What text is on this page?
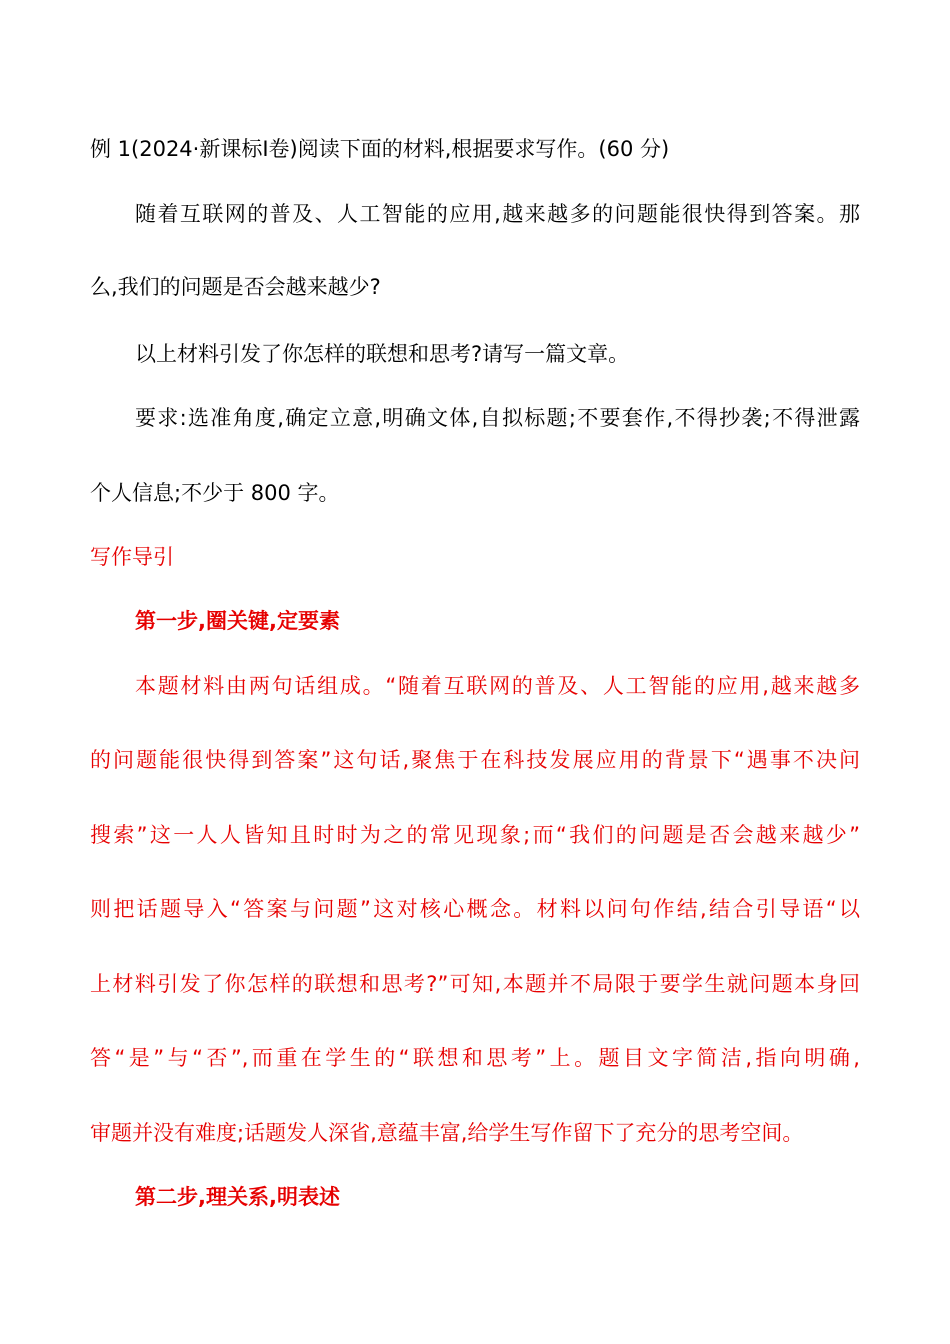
例 1(2024·新课标Ⅰ卷)阅读下面的材料,根据要求写作。(60 分)
随着互联网的普及、人工智能的应用,越来越多的问题能很快得到答案。那
么,我们的问题是否会越来越少?
以上材料引发了你怎样的联想和思考?请写一篇文章。
要求:选准角度,确定立意,明确文体,自拟标题;不要套作,不得抄袭;不得泄露
个人信息;不少于 800 字。
写作导引
第一步,圈关键,定要素
本题材料由两句话组成。“随着互联网的普及、人工智能的应用,越来越多
的问题能很快得到答案”这句话,聚焦于在科技发展应用的背景下“遇事不决问
搜索”这一人人皆知且时时为之的常见现象;而“我们的问题是否会越来越少”
则把话题导入“答案与问题”这对核心概念。材料以问句作结,结合引导语“以
上材料引发了你怎样的联想和思考?”可知,本题并不局限于要学生就问题本身回
答“是”与“否”,而重在学生的“联想和思考”上。题目文字简洁,指向明确,
审题并没有难度;话题发人深省,意蕴丰富,给学生写作留下了充分的思考空间。
第二步,理关系,明表述
